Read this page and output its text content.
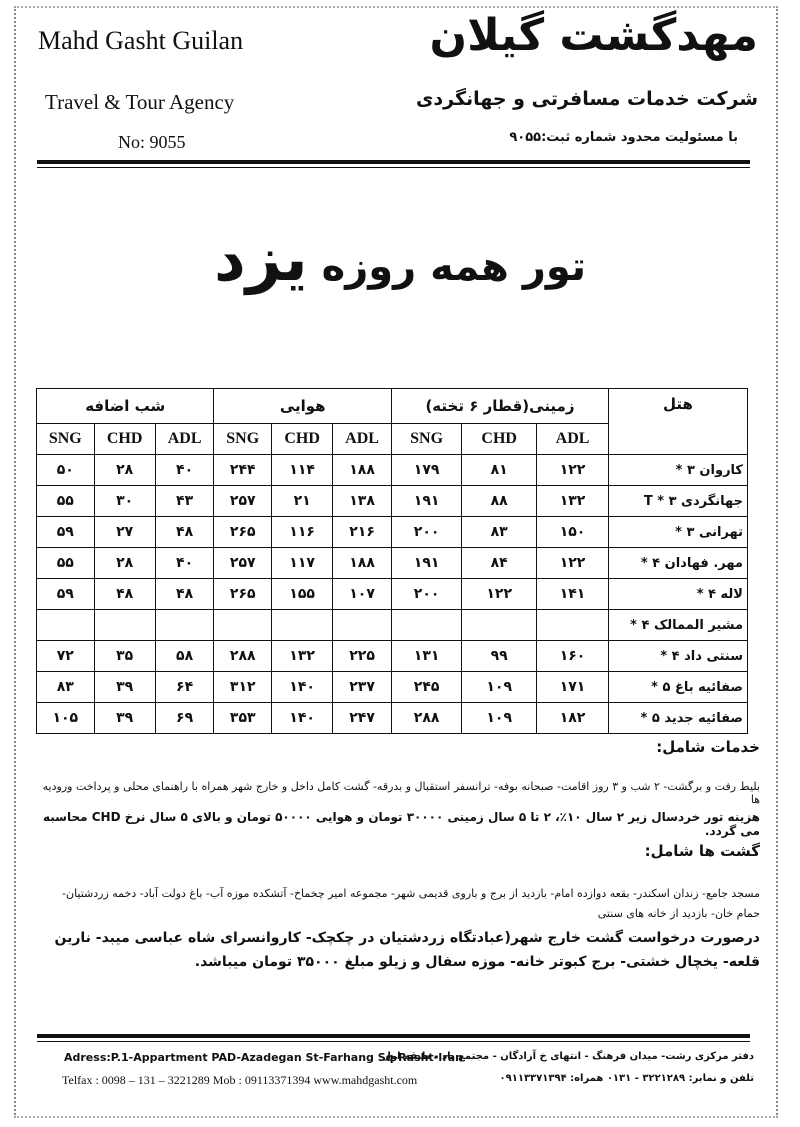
Mahd Gasht Guilan	مهدگشت گیلان
Travel & Tour Agency	شرکت خدمات مسافرتی و جهانگردی
No: 9055	با مسئولیت محدود شماره ثبت:۹۰۵۵
تور همه روزه یزد
شب اضافه			هوایی			زمینی(قطار ۶ تخته)			هتل
SNG	CHD	ADL	SNG	CHD	ADL	SNG	CHD	ADL	
۵۰	۲۸	۴۰	۲۴۴	۱۱۴	۱۸۸	۱۷۹	۸۱	۱۲۲	کاروان ۳ *
۵۵	۳۰	۴۳	۲۵۷	۲۱	۱۳۸	۱۹۱	۸۸	۱۳۲	جهانگردی ۳ * T
۵۹	۲۷	۴۸	۲۶۵	۱۱۶	۲۱۶	۲۰۰	۸۳	۱۵۰	تهرانی ۳ *
۵۵	۲۸	۴۰	۲۵۷	۱۱۷	۱۸۸	۱۹۱	۸۴	۱۲۲	مهر. فهادان ۴ *
۵۹	۴۸	۴۸	۲۶۵	۱۵۵	۱۰۷	۲۰۰	۱۲۲	۱۴۱	لاله ۴ *
									مشیر الممالک ۴ *
۷۲	۳۵	۵۸	۲۸۸	۱۳۲	۲۲۵	۱۳۱	۹۹	۱۶۰	سنتی داد ۴ *
۸۳	۳۹	۶۴	۳۱۲	۱۴۰	۲۳۷	۲۴۵	۱۰۹	۱۷۱	صفائیه باغ ۵ *
۱۰۵	۳۹	۶۹	۳۵۳	۱۴۰	۲۴۷	۲۸۸	۱۰۹	۱۸۲	صفائیه جدید ۵ *
خدمات شامل:
بلیط رفت و برگشت- ۲ شب و ۳ روز اقامت- صبحانه بوفه- ترانسفر استقبال و بدرقه- گشت کامل داخل و خارج شهر همراه با راهنمای محلی و پرداخت ورودیه ها
هزینه تور خردسال زیر ۲ سال ۱۰٪، ۲ تا ۵ سال زمینی ۳۰۰۰۰ تومان و هوایی ۵۰۰۰۰ تومان و بالای ۵ سال نرخ CHD محاسبه می گردد.
گشت ها شامل:
مسجد جامع- زندان اسکندر- بقعه دوازده امام- بازدید از برج و باروی قدیمی شهر- مجموعه امیر چخماخ- آتشکده موزه آب- باغ دولت آباد- دخمه زردشتیان- حمام خان- بازدید از خانه های سنتی
درصورت درخواست گشت خارج شهر(عبادتگاه زردشتیان در چکچک- کاروانسرای شاه عباسی میبد- نارین قلعه- یخچال خشتی- برج کبوتر خانه- موزه سفال و زیلو مبلغ ۳۵۰۰۰ تومان میباشد.
Adress:P.1-Appartment PAD-Azadegan St-Farhang Sq-Rasht-Iran
Telfax : 0098 – 131 – 3221289 Mob : 09113371394 www.mahdgasht.com
دفتر مرکزی رشت- میدان فرهنگ - انتهای خ آزادگان - مجتمع پاد - طبقه اول
تلفن و نمابر: ۳۲۲۱۲۸۹ - ۰۱۳۱ همراه: ۰۹۱۱۳۳۷۱۳۹۴
